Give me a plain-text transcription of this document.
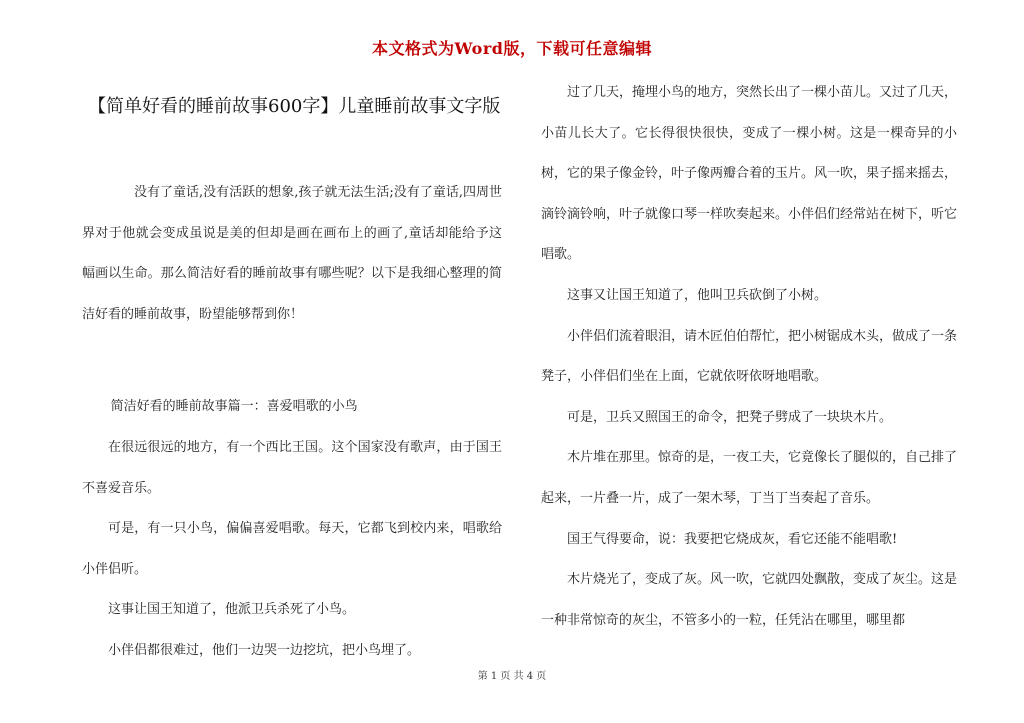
本文格式为Word版，下载可任意编辑
【简单好看的睡前故事600字】儿童睡前故事文字版

没有了童话,没有活跃的想象,孩子就无法生活;没有了童话,四周世界对于他就会变成虽说是美的但却是画在画布上的画了,童话却能给予这幅画以生命。那么简洁好看的睡前故事有哪些呢？以下是我细心整理的简洁好看的睡前故事，盼望能够帮到你！

简洁好看的睡前故事篇一：喜爱唱歌的小鸟

在很远很远的地方，有一个西比王国。这个国家没有歌声，由于国王不喜爱音乐。

可是，有一只小鸟，偏偏喜爱唱歌。每天，它都飞到校内来，唱歌给小伴侣听。

这事让国王知道了，他派卫兵杀死了小鸟。

小伴侣都很难过，他们一边哭一边挖坑，把小鸟埋了。

过了几天，掩埋小鸟的地方，突然长出了一棵小苗儿。又过了几天，小苗儿长大了。它长得很快很快，变成了一棵小树。这是一棵奇异的小树，它的果子像金铃，叶子像两瓣合着的玉片。风一吹，果子摇来摇去，滴铃滴铃响，叶子就像口琴一样吹奏起来。小伴侣们经常站在树下，听它唱歌。

这事又让国王知道了，他叫卫兵砍倒了小树。

小伴侣们流着眼泪，请木匠伯伯帮忙，把小树锯成木头，做成了一条凳子，小伴侣们坐在上面，它就依呀依呀地唱歌。

可是，卫兵又照国王的命令，把凳子劈成了一块块木片。

木片堆在那里。惊奇的是，一夜工夫，它竟像长了腿似的，自己排了起来，一片叠一片，成了一架木琴，丁当丁当奏起了音乐。

国王气得要命，说：我要把它烧成灰，看它还能不能唱歌!

木片烧光了，变成了灰。风一吹，它就四处飘散，变成了灰尘。这是一种非常惊奇的灰尘，不管多小的一粒，任凭沾在哪里，哪里都

第 1 页 共 4 页
